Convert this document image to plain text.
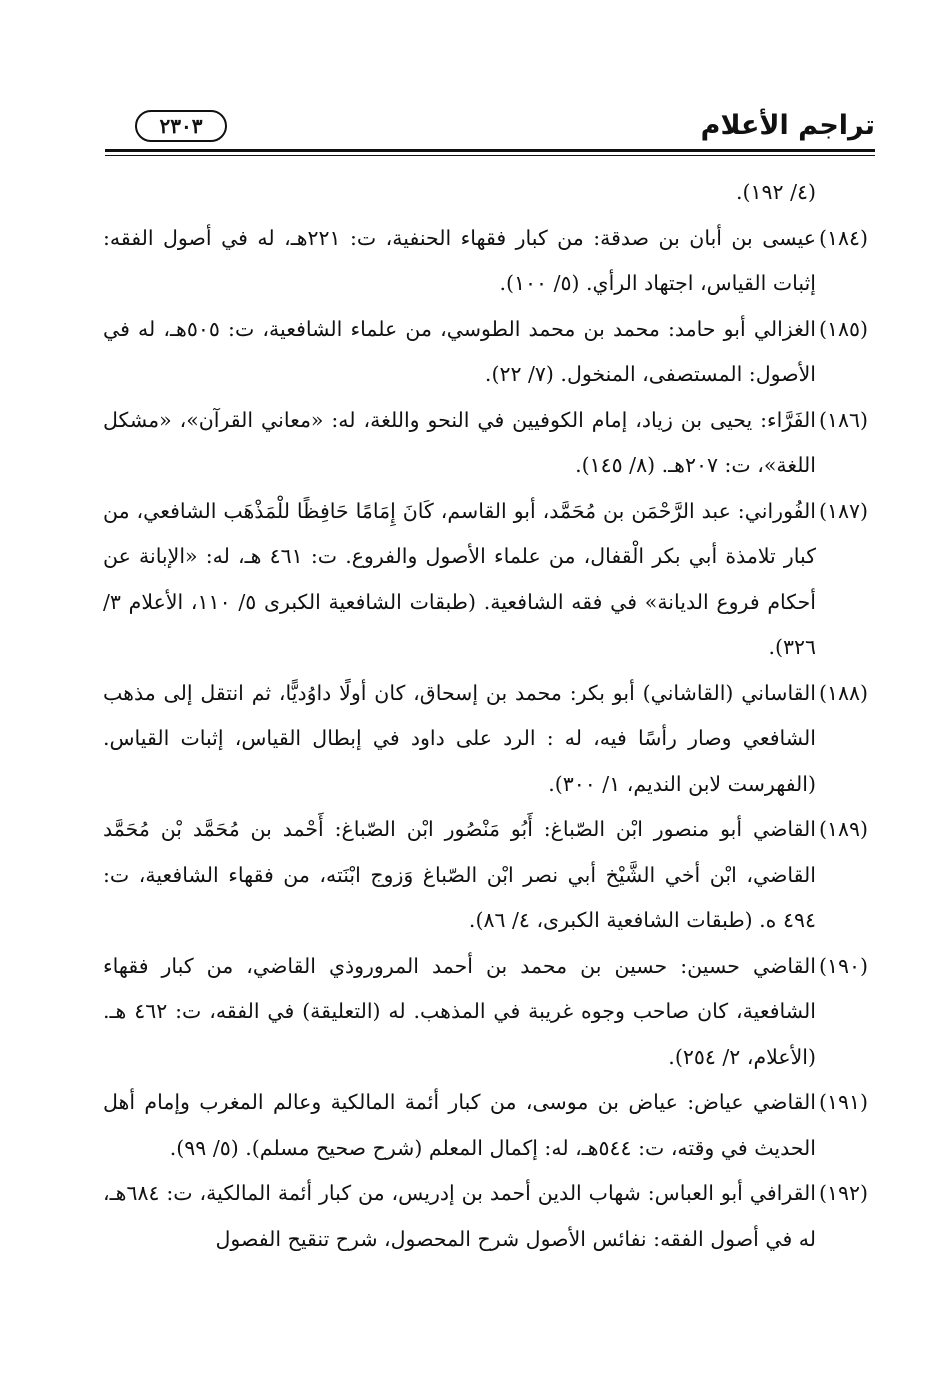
تراجم الأعلام
٢٣٠٣

(٤/ ١٩٢).

(١٨٤)
عيسى بن أبان بن صدقة: من كبار فقهاء الحنفية، ت: ٢٢١هـ، له في أصول الفقه: إثبات القياس، اجتهاد الرأي. (٥/ ١٠٠).

(١٨٥)
الغزالي أبو حامد: محمد بن محمد الطوسي، من علماء الشافعية، ت: ٥٠٥هـ، له في الأصول: المستصفى، المنخول. (٧/ ٢٢).

(١٨٦)
الفَرَّاء: يحيى بن زياد، إمام الكوفيين في النحو واللغة، له: «معاني القرآن»، «مشكل اللغة»، ت: ٢٠٧هـ. (٨/ ١٤٥).

(١٨٧)
الفُوراني: عبد الرَّحْمَن بن مُحَمَّد، أبو القاسم، كَانَ إِمَامًا حَافِظًا للْمَذْهَب الشافعي، من كبار تلامذة أبي بكر الْقفال، من علماء الأصول والفروع. ت: ٤٦١ هـ، له: «الإبانة عن أحكام فروع الديانة» في فقه الشافعية. (طبقات الشافعية الكبرى ٥/ ١١٠، الأعلام ٣/ ٣٢٦).

(١٨٨)
القاساني (القاشاني) أبو بكر: محمد بن إسحاق، كان أولًا داوُديًّا، ثم انتقل إلى مذهب الشافعي وصار رأسًا فيه، له : الرد على داود في إبطال القياس، إثبات القياس. (الفهرست لابن النديم، ١/ ٣٠٠).

(١٨٩)
القاضي أبو منصور ابْن الصّباغ: أَبُو مَنْصُور ابْن الصّباغ: أَحْمد بن مُحَمَّد بْن مُحَمَّد القاضي، ابْن أخي الشَّيْخ أبي نصر ابْن الصّباغ وَزوج ابْنَته، من فقهاء الشافعية، ت: ٤٩٤ ه. (طبقات الشافعية الكبرى، ٤/ ٨٦).

(١٩٠)
القاضي حسين: حسين بن محمد بن أحمد المروروذي القاضي، من كبار فقهاء الشافعية، كان صاحب وجوه غريبة في المذهب. له (التعليقة) في الفقه، ت: ٤٦٢ هـ. (الأعلام، ٢/ ٢٥٤).

(١٩١)
القاضي عياض: عياض بن موسى، من كبار أئمة المالكية وعالم المغرب وإمام أهل الحديث في وقته، ت: ٥٤٤هـ، له: إكمال المعلم (شرح صحيح مسلم). (٥/ ٩٩).

(١٩٢)
القرافي أبو العباس: شهاب الدين أحمد بن إدريس، من كبار أئمة المالكية، ت: ٦٨٤هـ، له في أصول الفقه: نفائس الأصول شرح المحصول، شرح تنقيح الفصول
